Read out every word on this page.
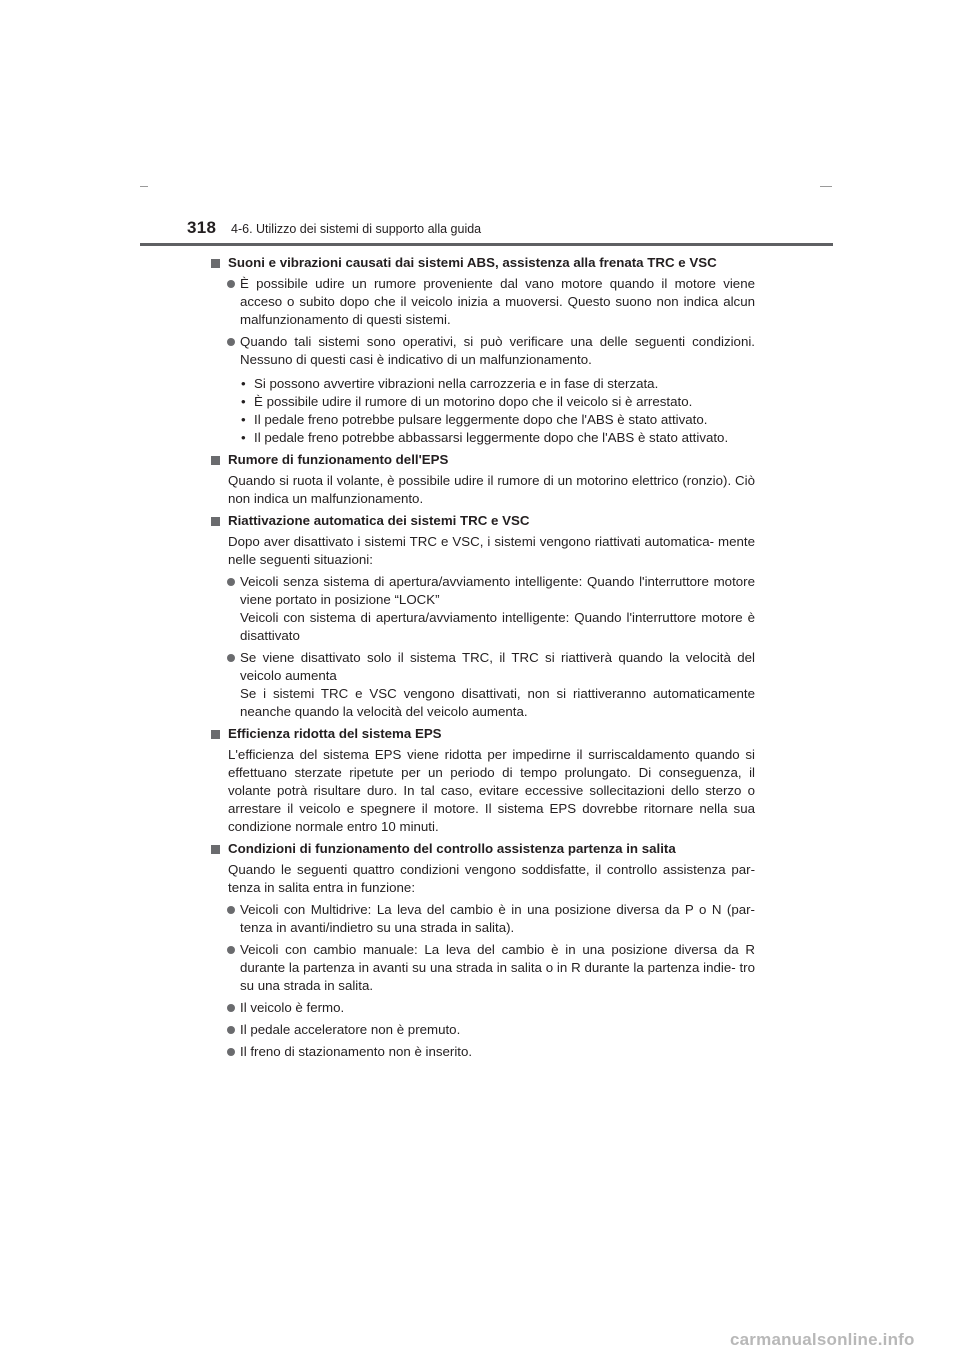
318 4-6. Utilizzo dei sistemi di supporto alla guida
Suoni e vibrazioni causati dai sistemi ABS, assistenza alla frenata TRC e VSC
È possibile udire un rumore proveniente dal vano motore quando il motore viene acceso o subito dopo che il veicolo inizia a muoversi. Questo suono non indica alcun malfunzionamento di questi sistemi.
Quando tali sistemi sono operativi, si può verificare una delle seguenti condizioni. Nessuno di questi casi è indicativo di un malfunzionamento.
• Si possono avvertire vibrazioni nella carrozzeria e in fase di sterzata.
• È possibile udire il rumore di un motorino dopo che il veicolo si è arrestato.
• Il pedale freno potrebbe pulsare leggermente dopo che l'ABS è stato attivato.
• Il pedale freno potrebbe abbassarsi leggermente dopo che l'ABS è stato attivato.
Rumore di funzionamento dell'EPS
Quando si ruota il volante, è possibile udire il rumore di un motorino elettrico (ronzio). Ciò non indica un malfunzionamento.
Riattivazione automatica dei sistemi TRC e VSC
Dopo aver disattivato i sistemi TRC e VSC, i sistemi vengono riattivati automatica- mente nelle seguenti situazioni:
Veicoli senza sistema di apertura/avviamento intelligente: Quando l'interruttore motore viene portato in posizione “LOCK”
Veicoli con sistema di apertura/avviamento intelligente: Quando l'interruttore motore è disattivato
Se viene disattivato solo il sistema TRC, il TRC si riattiverà quando la velocità del veicolo aumenta
Se i sistemi TRC e VSC vengono disattivati, non si riattiveranno automaticamente neanche quando la velocità del veicolo aumenta.
Efficienza ridotta del sistema EPS
L'efficienza del sistema EPS viene ridotta per impedirne il surriscaldamento quando si effettuano sterzate ripetute per un periodo di tempo prolungato. Di conseguenza, il volante potrà risultare duro. In tal caso, evitare eccessive sollecitazioni dello sterzo o arrestare il veicolo e spegnere il motore. Il sistema EPS dovrebbe ritornare nella sua condizione normale entro 10 minuti.
Condizioni di funzionamento del controllo assistenza partenza in salita
Quando le seguenti quattro condizioni vengono soddisfatte, il controllo assistenza par- tenza in salita entra in funzione:
Veicoli con Multidrive: La leva del cambio è in una posizione diversa da P o N (par- tenza in avanti/indietro su una strada in salita).
Veicoli con cambio manuale: La leva del cambio è in una posizione diversa da R durante la partenza in avanti su una strada in salita o in R durante la partenza indie- tro su una strada in salita.
Il veicolo è fermo.
Il pedale acceleratore non è premuto.
Il freno di stazionamento non è inserito.
carmanualsonline.info
